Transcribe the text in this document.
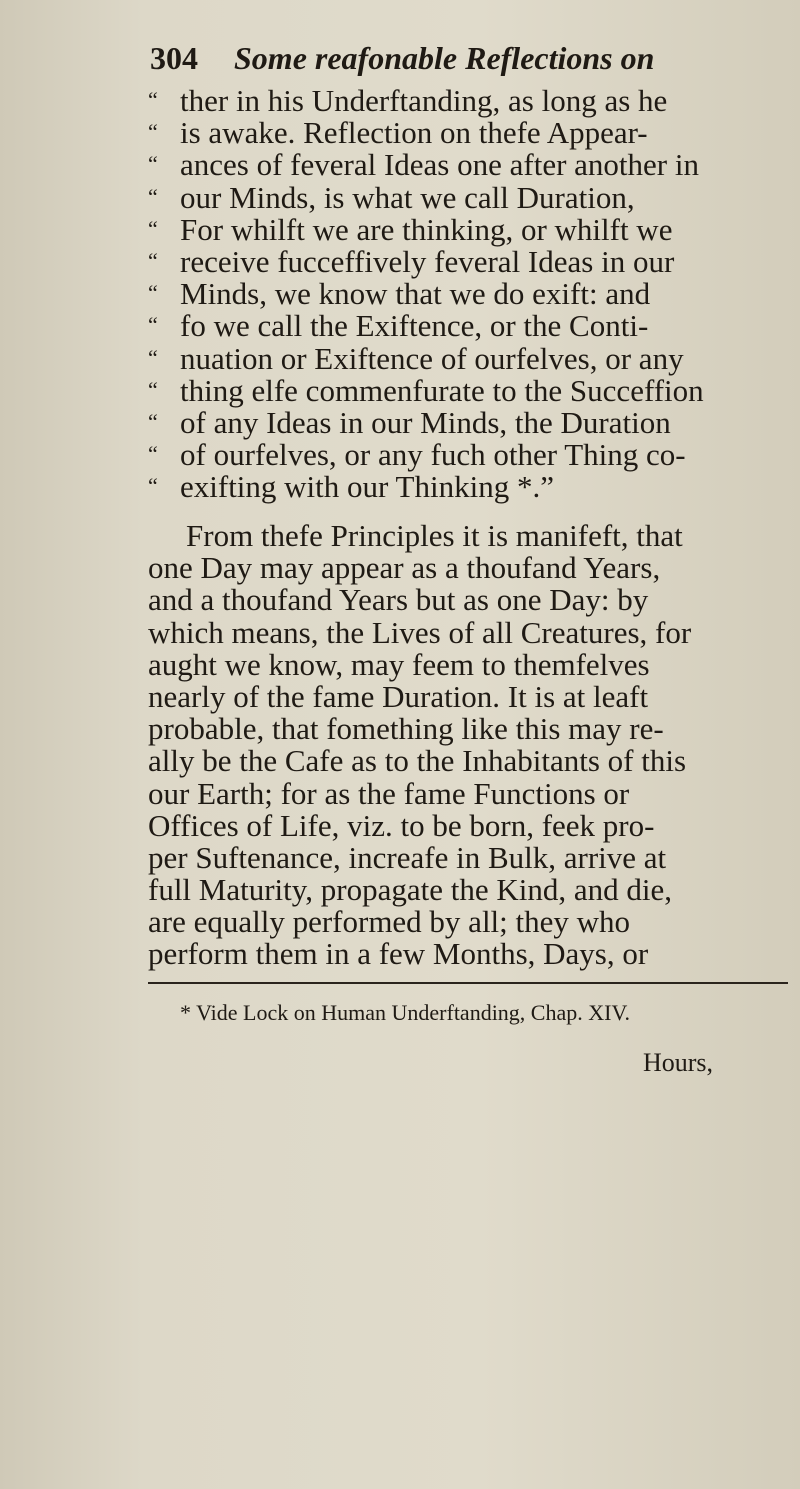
304 Some reafonable Reflections on
“ ther in his Underftanding, as long as he
“ is awake. Reflection on thefe Appear-
“ ances of feveral Ideas one after another in
“ our Minds, is what we call Duration,
“ For whilft we are thinking, or whilft we
“ receive fucceffively feveral Ideas in our
“ Minds, we know that we do exift: and
“ fo we call the Exiftence, or the Conti-
“ nuation or Exiftence of ourfelves, or any
“ thing elfe commenfurate to the Succeffion
“ of any Ideas in our Minds, the Duration
“ of ourfelves, or any fuch other Thing co-
“ exifting with our Thinking *.”
From thefe Principles it is manifeft, that
one Day may appear as a thoufand Years,
and a thoufand Years but as one Day: by
which means, the Lives of all Creatures, for
aught we know, may feem to themfelves
nearly of the fame Duration. It is at leaft
probable, that fomething like this may re-
ally be the Cafe as to the Inhabitants of this
our Earth; for as the fame Functions or
Offices of Life, viz. to be born, feek pro-
per Suftenance, increafe in Bulk, arrive at
full Maturity, propagate the Kind, and die,
are equally performed by all; they who
perform them in a few Months, Days, or
* Vide Lock on Human Underftanding, Chap. XIV.
Hours,
